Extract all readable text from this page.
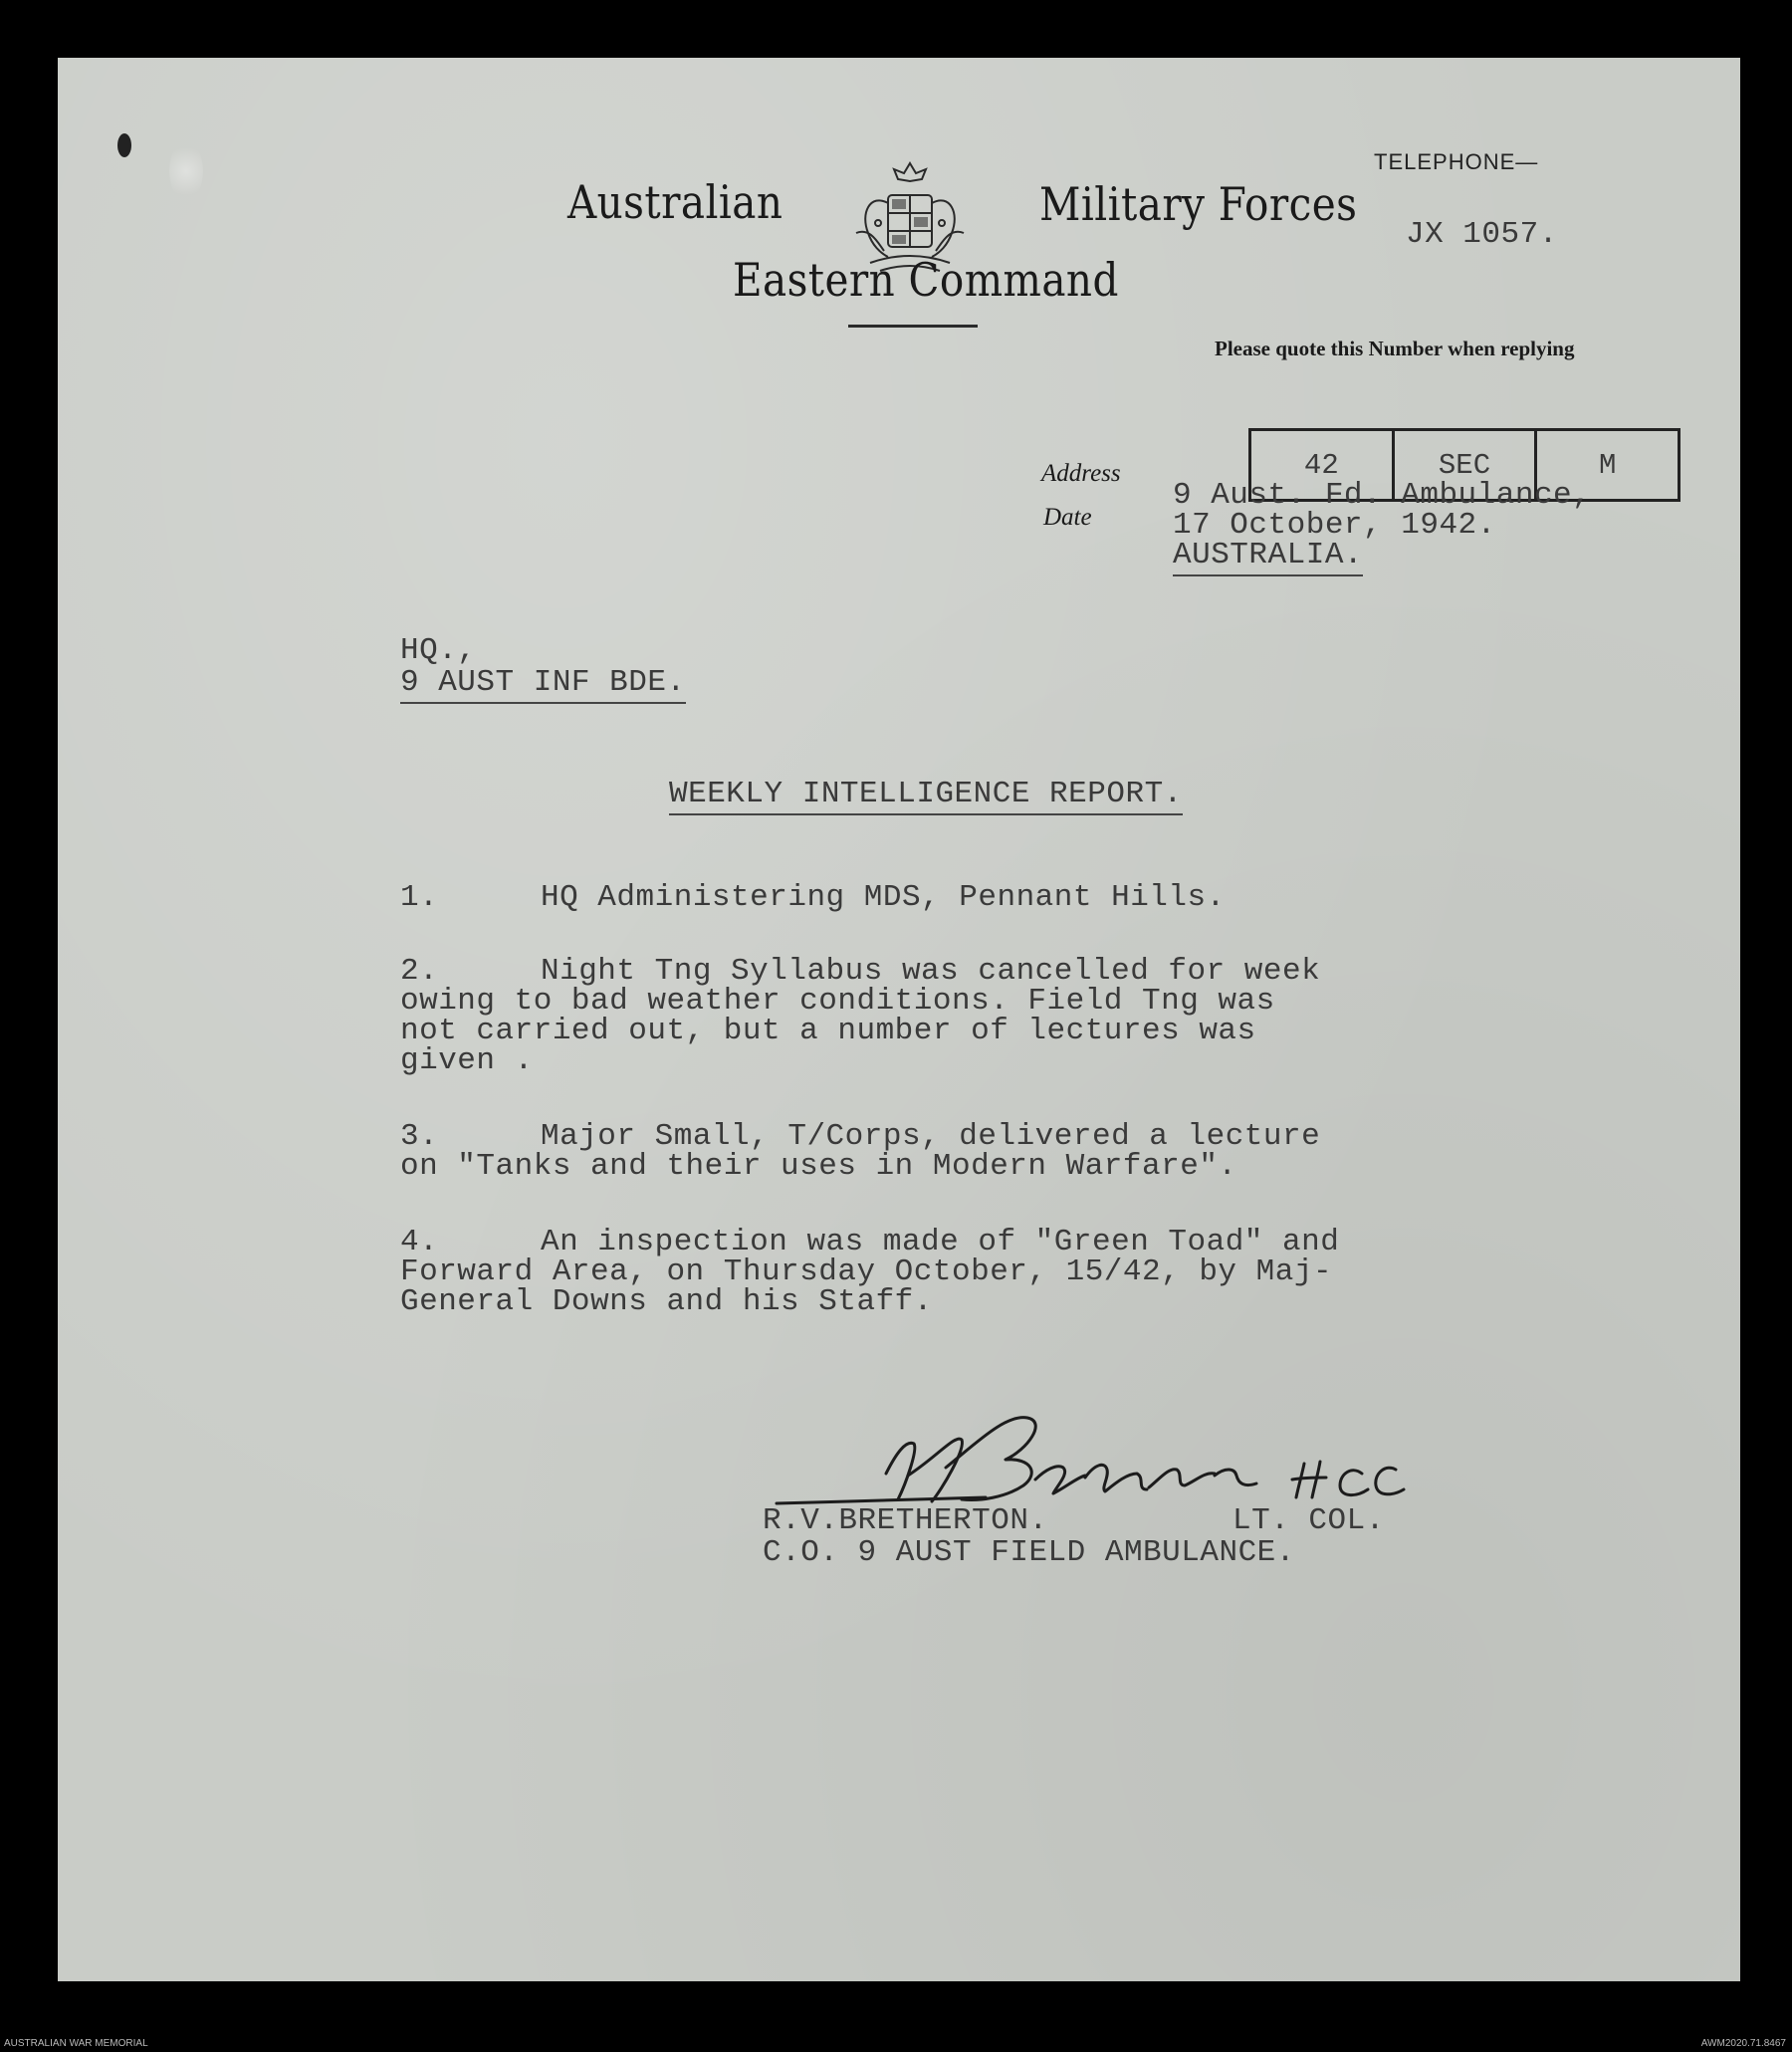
Australian	Military Forces
Eastern Command
TELEPHONE—
JX 1057.
Please quote this Number when replying
42	SEC	M
Address
Date
9 Aust. Fd. Ambulance,
17 October, 1942.
AUSTRALIA.
HQ.,
9 AUST INF BDE.
WEEKLY INTELLIGENCE REPORT.
1.	HQ Administering MDS, Pennant Hills.
2.	Night Tng Syllabus was cancelled for week
owing to bad weather conditions. Field Tng was
not carried out, but a number of lectures was
given .
3.	Major Small, T/Corps, delivered a lecture
on "Tanks and their uses in Modern Warfare".
4.	An inspection was made of "Green Toad" and
Forward Area, on Thursday October, 15/42, by Maj-
General Downs and his Staff.
R.V.BRETHERTON.	LT. COL.
C.O. 9 AUST FIELD AMBULANCE.
AUSTRALIAN WAR MEMORIAL	AWM2020.71.8467
